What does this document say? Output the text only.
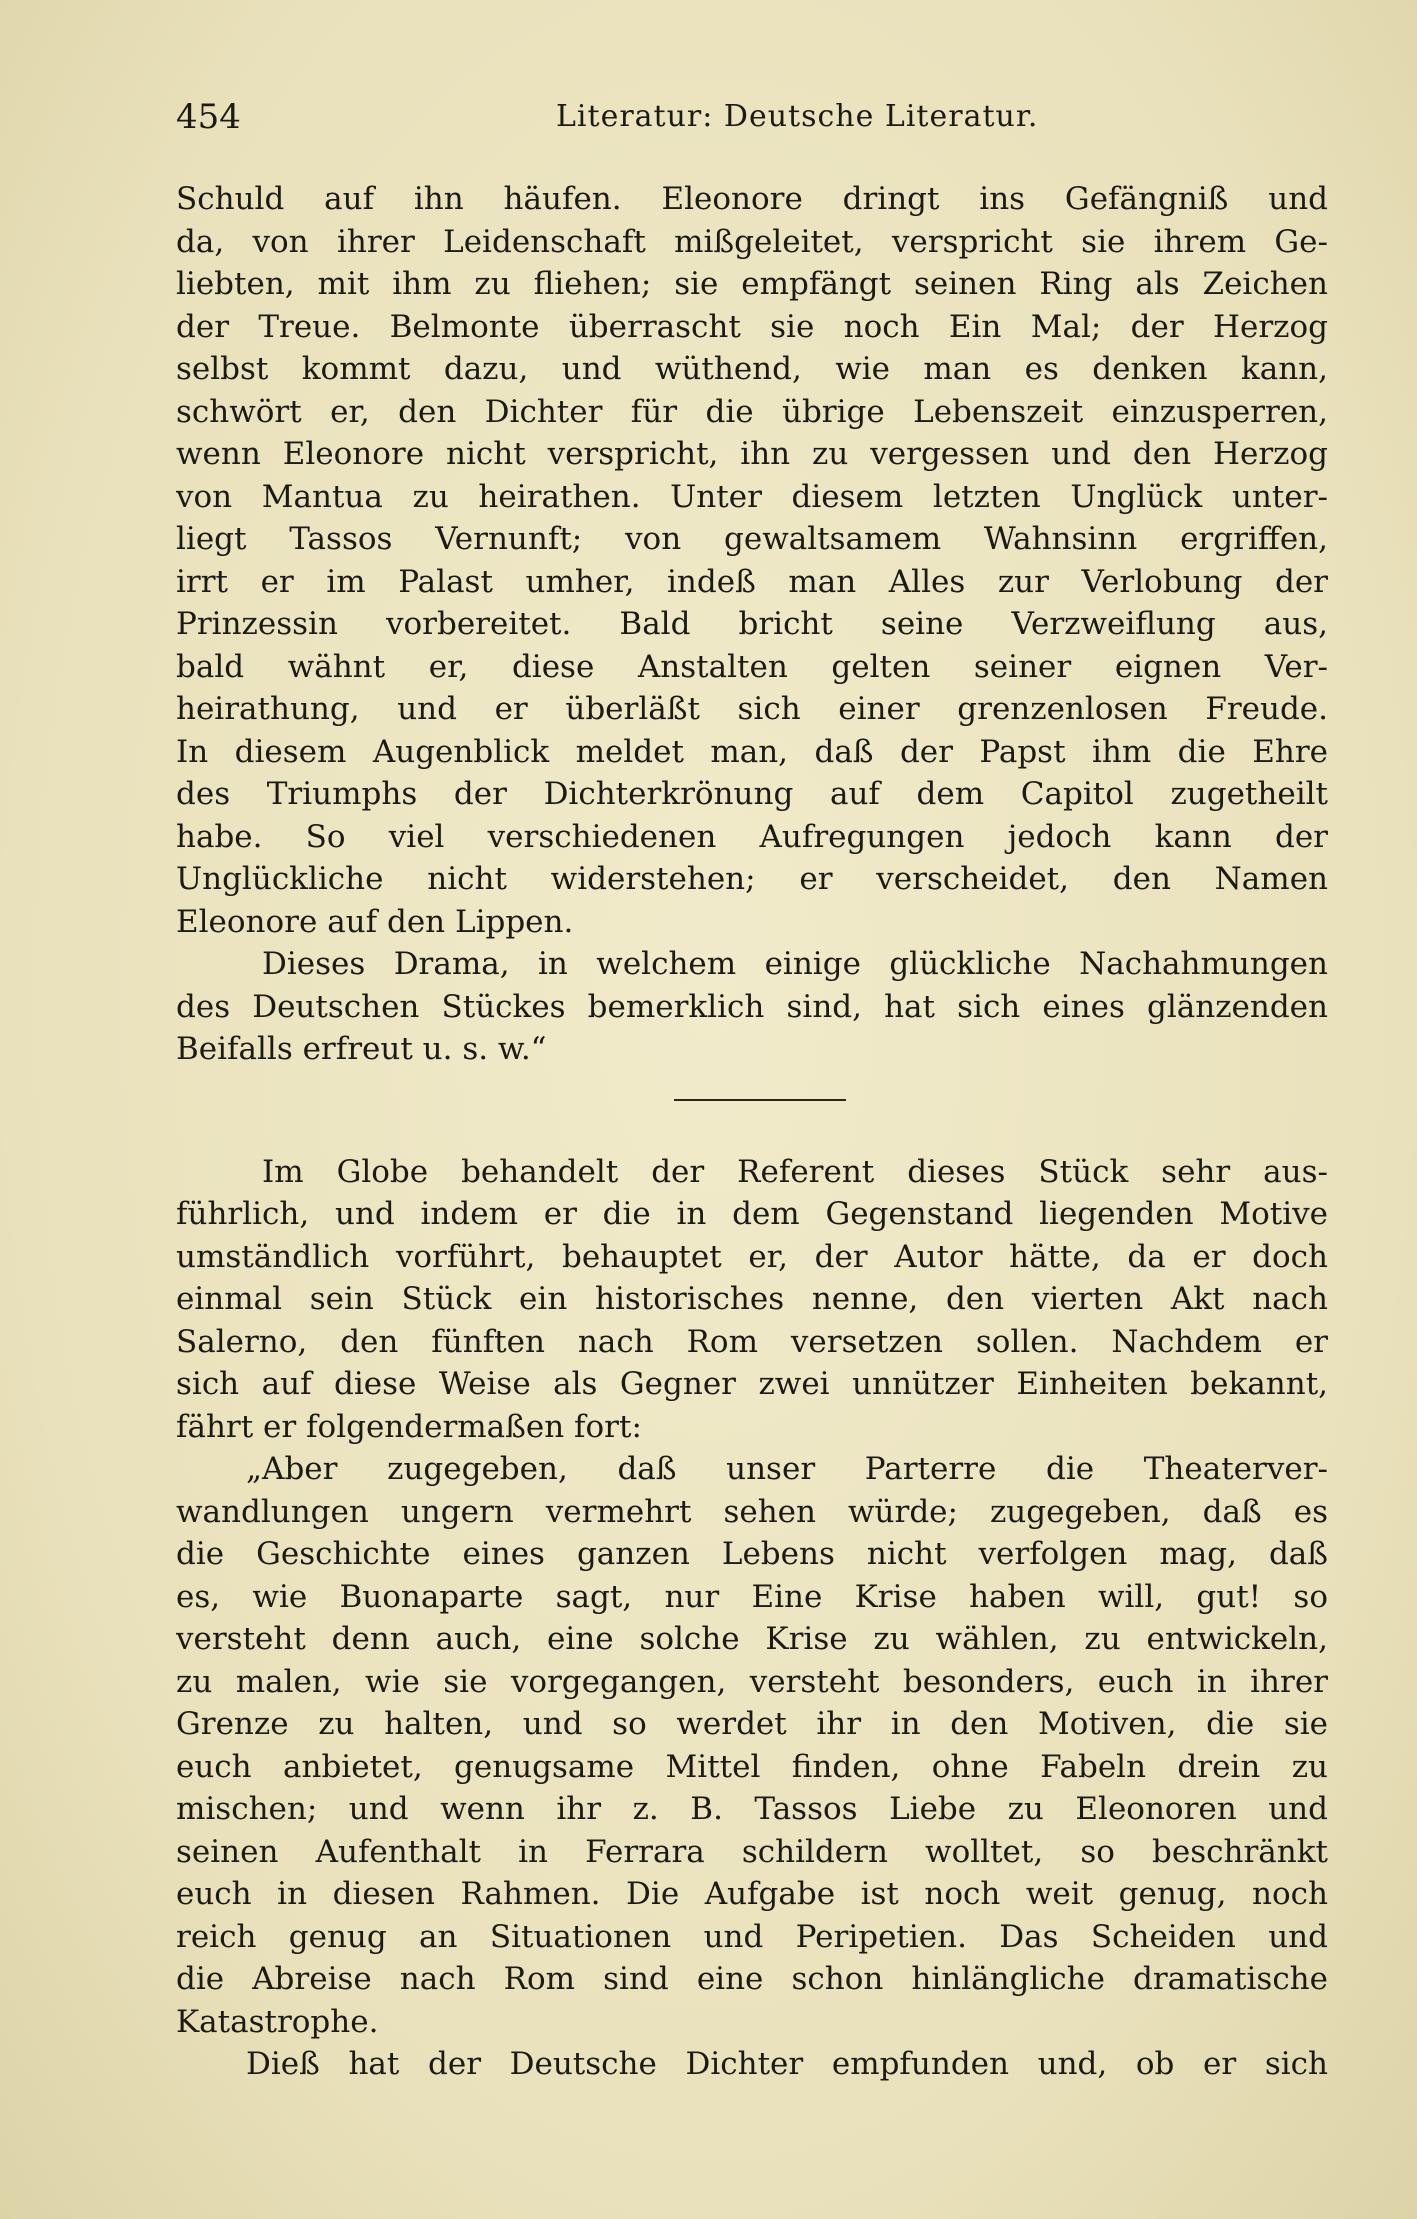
454	Literatur: Deutsche Literatur.
Schuld auf ihn häufen. Eleonore dringt ins Gefängniß und
da, von ihrer Leidenschaft mißgeleitet, verspricht sie ihrem Ge-
liebten, mit ihm zu fliehen; sie empfängt seinen Ring als Zeichen
der Treue. Belmonte überrascht sie noch Ein Mal; der Herzog
selbst kommt dazu, und wüthend, wie man es denken kann,
schwört er, den Dichter für die übrige Lebenszeit einzusperren,
wenn Eleonore nicht verspricht, ihn zu vergessen und den Herzog
von Mantua zu heirathen. Unter diesem letzten Unglück unter-
liegt Tassos Vernunft; von gewaltsamem Wahnsinn ergriffen,
irrt er im Palast umher, indeß man Alles zur Verlobung der
Prinzessin vorbereitet. Bald bricht seine Verzweiflung aus,
bald wähnt er, diese Anstalten gelten seiner eignen Ver-
heirathung, und er überläßt sich einer grenzenlosen Freude.
In diesem Augenblick meldet man, daß der Papst ihm die Ehre
des Triumphs der Dichterkrönung auf dem Capitol zugetheilt
habe. So viel verschiedenen Aufregungen jedoch kann der
Unglückliche nicht widerstehen; er verscheidet, den Namen
Eleonore auf den Lippen.
Dieses Drama, in welchem einige glückliche Nachahmungen
des Deutschen Stückes bemerklich sind, hat sich eines glänzenden
Beifalls erfreut u. s. w.“
Im Globe behandelt der Referent dieses Stück sehr aus-
führlich, und indem er die in dem Gegenstand liegenden Motive
umständlich vorführt, behauptet er, der Autor hätte, da er doch
einmal sein Stück ein historisches nenne, den vierten Akt nach
Salerno, den fünften nach Rom versetzen sollen. Nachdem er
sich auf diese Weise als Gegner zwei unnützer Einheiten bekannt,
fährt er folgendermaßen fort:
„Aber zugegeben, daß unser Parterre die Theaterver-
wandlungen ungern vermehrt sehen würde; zugegeben, daß es
die Geschichte eines ganzen Lebens nicht verfolgen mag, daß
es, wie Buonaparte sagt, nur Eine Krise haben will, gut! so
versteht denn auch, eine solche Krise zu wählen, zu entwickeln,
zu malen, wie sie vorgegangen, versteht besonders, euch in ihrer
Grenze zu halten, und so werdet ihr in den Motiven, die sie
euch anbietet, genugsame Mittel finden, ohne Fabeln drein zu
mischen; und wenn ihr z. B. Tassos Liebe zu Eleonoren und
seinen Aufenthalt in Ferrara schildern wolltet, so beschränkt
euch in diesen Rahmen. Die Aufgabe ist noch weit genug, noch
reich genug an Situationen und Peripetien. Das Scheiden und
die Abreise nach Rom sind eine schon hinlängliche dramatische
Katastrophe.
Dieß hat der Deutsche Dichter empfunden und, ob er sich
